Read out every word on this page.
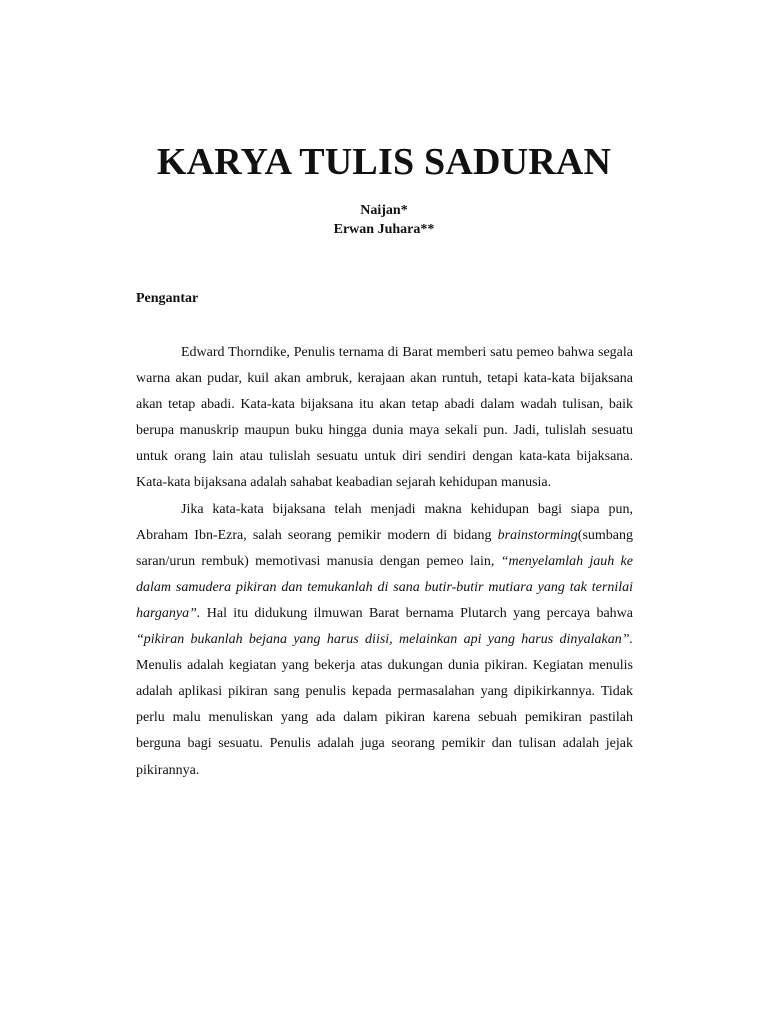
KARYA TULIS SADURAN
Naijan*
Erwan Juhara**
Pengantar

Edward Thorndike, Penulis ternama di Barat memberi satu pemeo bahwa segala warna akan pudar, kuil akan ambruk, kerajaan akan runtuh, tetapi kata-kata bijaksana akan tetap abadi. Kata-kata bijaksana itu akan tetap abadi dalam wadah tulisan, baik berupa manuskrip maupun buku hingga dunia maya sekali pun. Jadi, tulislah sesuatu untuk orang lain atau tulislah sesuatu untuk diri sendiri dengan kata-kata bijaksana. Kata-kata bijaksana adalah sahabat keabadian sejarah kehidupan manusia.

Jika kata-kata bijaksana telah menjadi makna kehidupan bagi siapa pun, Abraham Ibn-Ezra, salah seorang pemikir modern di bidang brainstorming(sumbang saran/urun rembuk) memotivasi manusia dengan pemeo lain, “menyelamlah jauh ke dalam samudera pikiran dan temukanlah di sana butir-butir mutiara yang tak ternilai harganya”. Hal itu didukung ilmuwan Barat bernama Plutarch yang percaya bahwa “pikiran bukanlah bejana yang harus diisi, melainkan api yang harus dinyalakan”. Menulis adalah kegiatan yang bekerja atas dukungan dunia pikiran. Kegiatan menulis adalah aplikasi pikiran sang penulis kepada permasalahan yang dipikirkannya. Tidak perlu malu menuliskan yang ada dalam pikiran karena sebuah pemikiran pastilah berguna bagi sesuatu. Penulis adalah juga seorang pemikir dan tulisan adalah jejak pikirannya.
